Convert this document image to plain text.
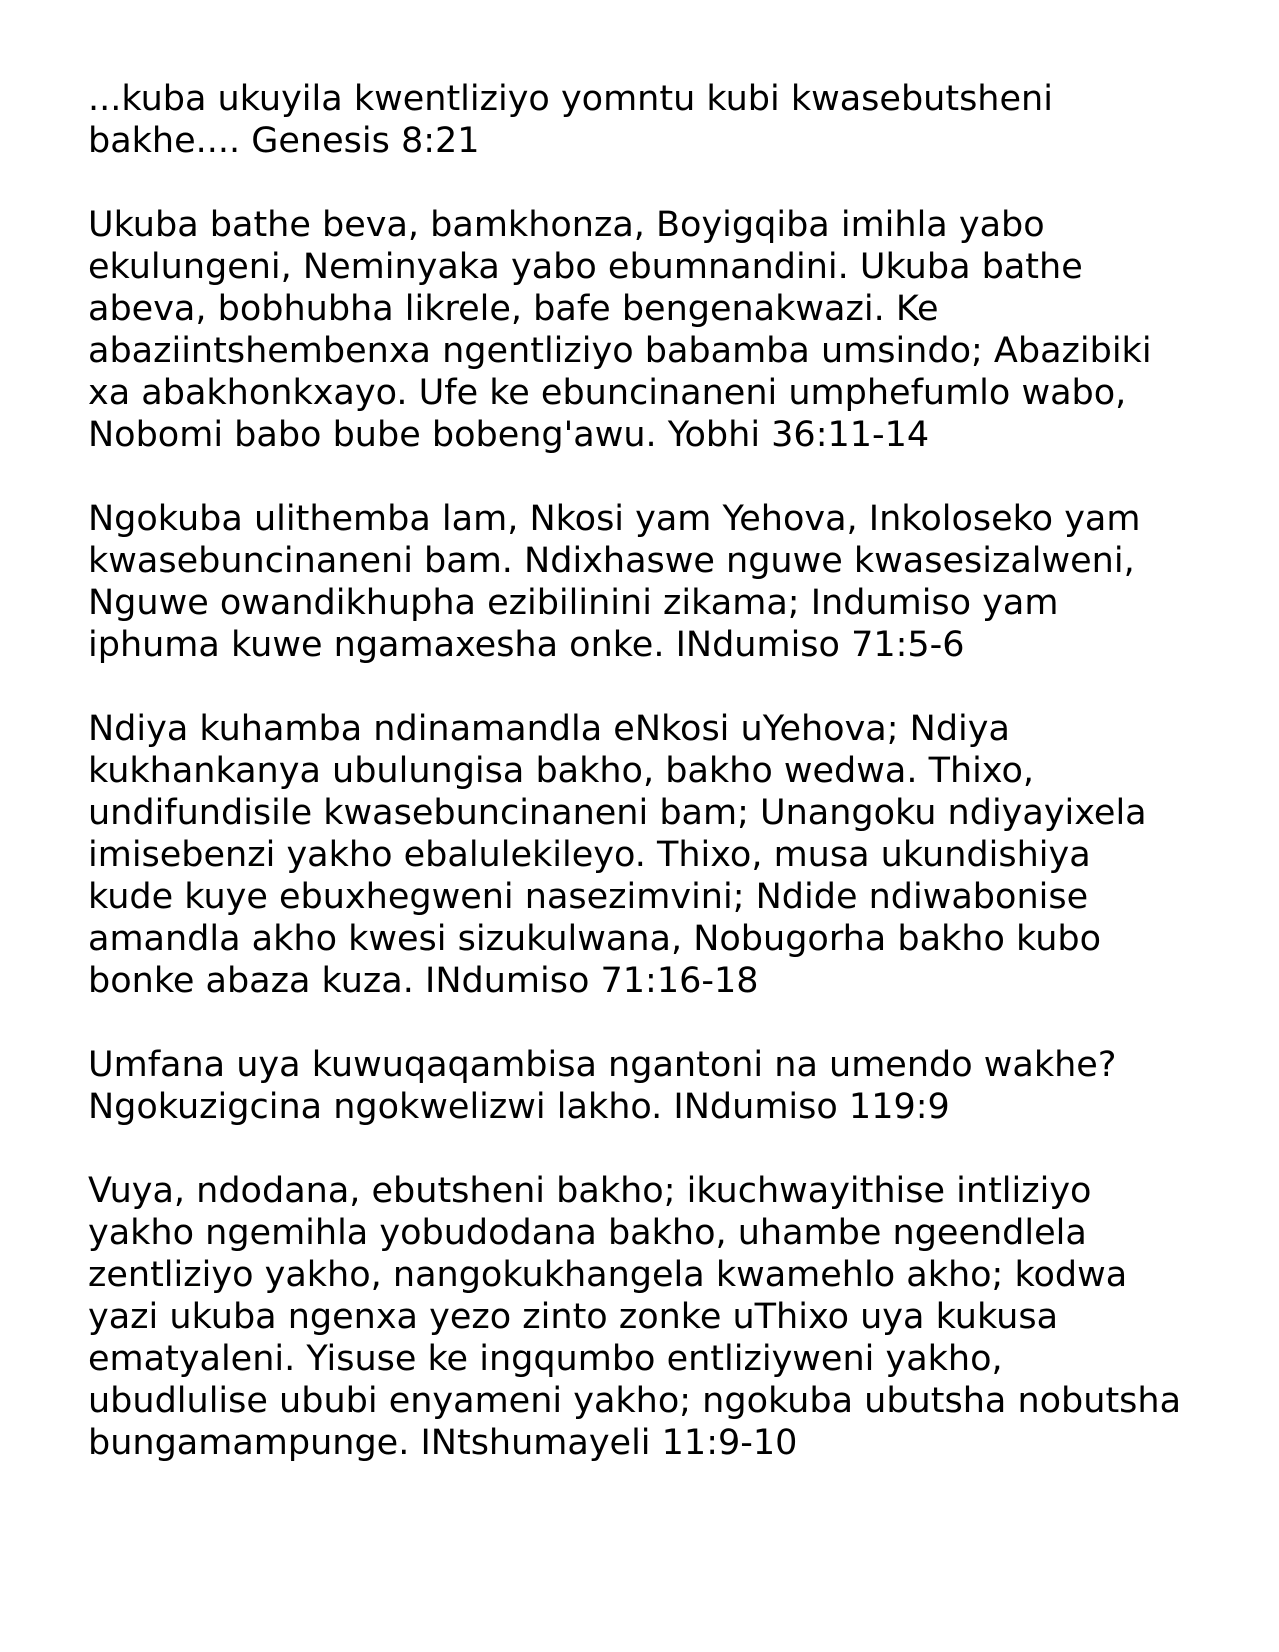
...kuba ukuyila kwentliziyo yomntu kubi kwasebutsheni
bakhe.... Genesis 8:21
Ukuba bathe beva, bamkhonza, Boyigqiba imihla yabo
ekulungeni, Neminyaka yabo ebumnandini. Ukuba bathe
abeva, bobhubha likrele, bafe bengenakwazi. Ke
abaziintshembenxa ngentliziyo babamba umsindo; Abazibiki
xa abakhonkxayo. Ufe ke ebuncinaneni umphefumlo wabo,
Nobomi babo bube bobeng'awu. Yobhi 36:11-14
Ngokuba ulithemba lam, Nkosi yam Yehova, Inkoloseko yam
kwasebuncinaneni bam. Ndixhaswe nguwe kwasesizalweni,
Nguwe owandikhupha ezibilinini zikama; Indumiso yam
iphuma kuwe ngamaxesha onke. INdumiso 71:5-6
Ndiya kuhamba ndinamandla eNkosi uYehova; Ndiya
kukhankanya ubulungisa bakho, bakho wedwa. Thixo,
undifundisile kwasebuncinaneni bam; Unangoku ndiyayixela
imisebenzi yakho ebalulekileyo. Thixo, musa ukundishiya
kude kuye ebuxhegweni nasezimvini; Ndide ndiwabonise
amandla akho kwesi sizukulwana, Nobugorha bakho kubo
bonke abaza kuza. INdumiso 71:16-18
Umfana uya kuwuqaqambisa ngantoni na umendo wakhe?
Ngokuzigcina ngokwelizwi lakho. INdumiso 119:9
Vuya, ndodana, ebutsheni bakho; ikuchwayithise intliziyo
yakho ngemihla yobudodana bakho, uhambe ngeendlela
zentliziyo yakho, nangokukhangela kwamehlo akho; kodwa
yazi ukuba ngenxa yezo zinto zonke uThixo uya kukusa
ematyaleni. Yisuse ke ingqumbo entliziyweni yakho,
ubudlulise ububi enyameni yakho; ngokuba ubutsha nobutsha
bungamampunge. INtshumayeli 11:9-10
